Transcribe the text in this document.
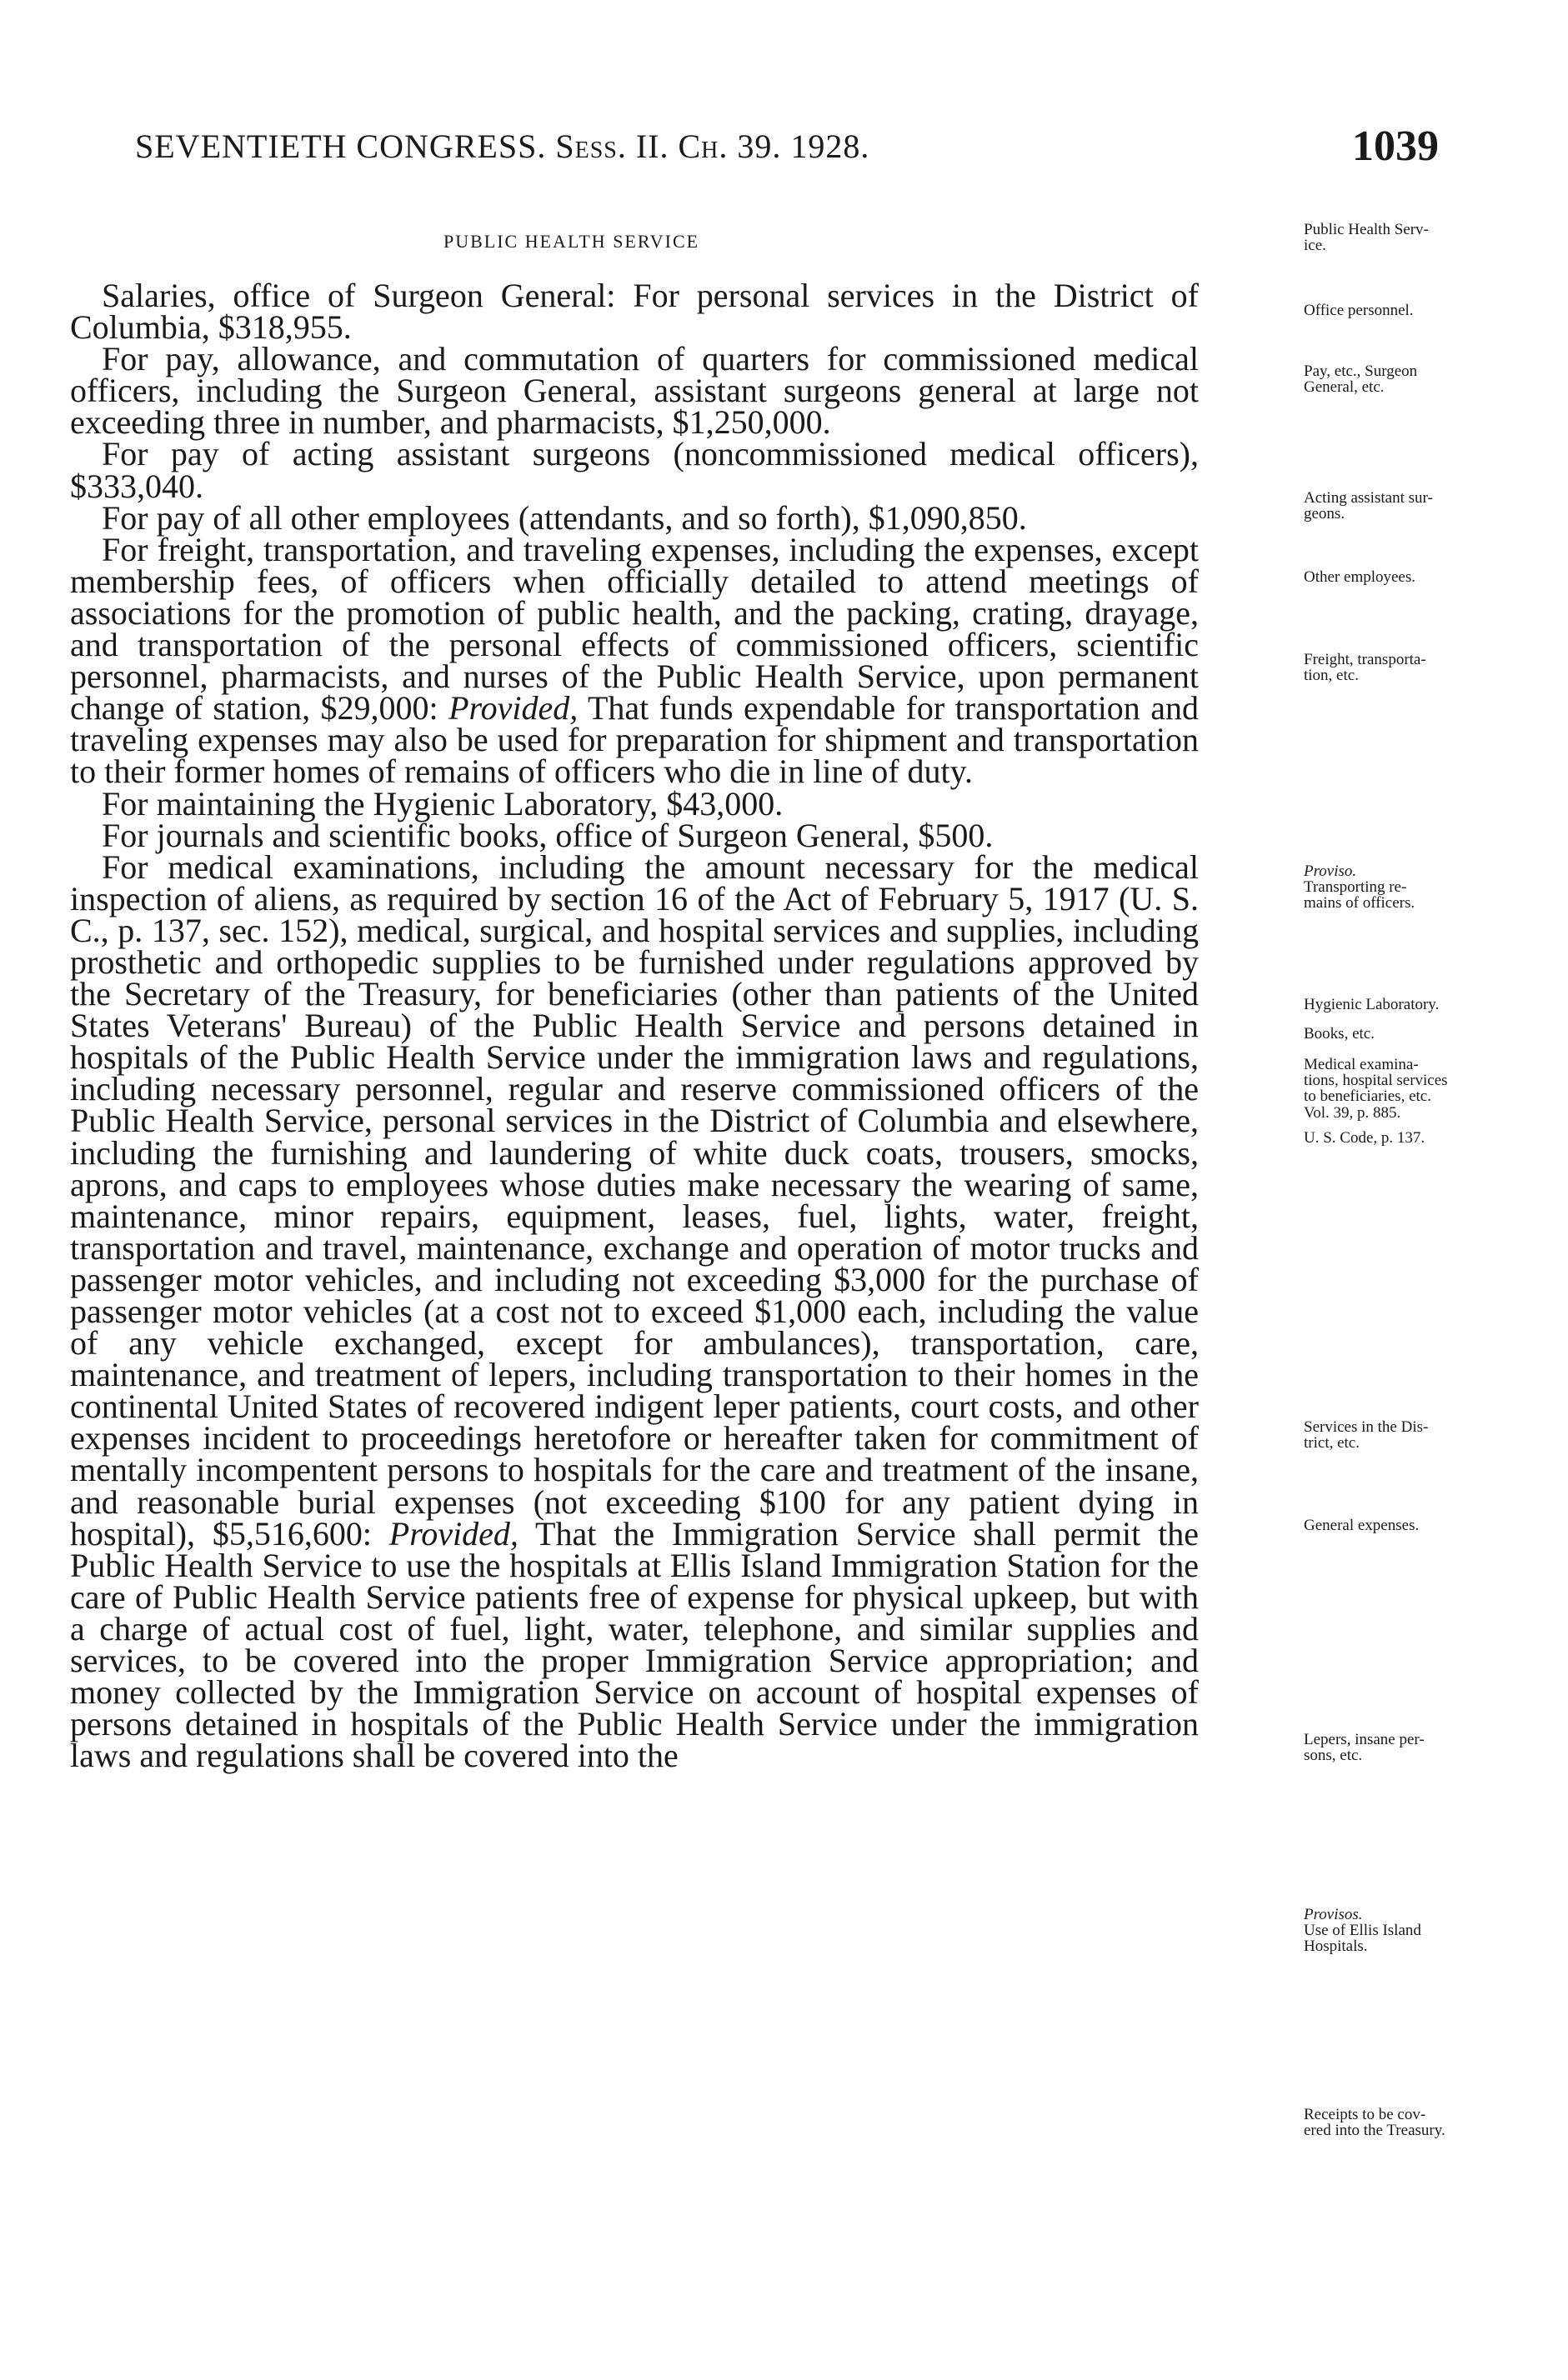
SEVENTIETH CONGRESS. Sess. II. Ch. 39. 1928.	1039
PUBLIC HEALTH SERVICE
Public Health Serv-
ice.
Office personnel.
Pay, etc., Surgeon
General, etc.
Acting assistant sur-
geons.
Other employees.
Freight, transporta-
tion, etc.
Proviso.
Transporting re-
mains of officers.
Hygienic Laboratory.
Books, etc.
Medical examina-
tions, hospital services
to beneficiaries, etc.
Vol. 39, p. 885.
U. S. Code, p. 137.
Services in the Dis-
trict, etc.
General expenses.
Lepers, insane per-
sons, etc.
Provisos.
Use of Ellis Island
Hospitals.
Receipts to be cov-
ered into the Treasury.

Salaries, office of Surgeon General: For personal services in the District of Columbia, $318,955.

For pay, allowance, and commutation of quarters for commissioned medical officers, including the Surgeon General, assistant surgeons general at large not exceeding three in number, and pharmacists, $1,250,000.

For pay of acting assistant surgeons (noncommissioned medical officers), $333,040.

For pay of all other employees (attendants, and so forth), $1,090,850.

For freight, transportation, and traveling expenses, including the expenses, except membership fees, of officers when officially detailed to attend meetings of associations for the promotion of public health, and the packing, crating, drayage, and transportation of the personal effects of commissioned officers, scientific personnel, pharmacists, and nurses of the Public Health Service, upon permanent change of station, $29,000: Provided, That funds expendable for transportation and traveling expenses may also be used for preparation for shipment and transportation to their former homes of remains of officers who die in line of duty.

For maintaining the Hygienic Laboratory, $43,000.

For journals and scientific books, office of Surgeon General, $500.

For medical examinations, including the amount necessary for the medical inspection of aliens, as required by section 16 of the Act of February 5, 1917 (U. S. C., p. 137, sec. 152), medical, surgical, and hospital services and supplies, including prosthetic and orthopedic supplies to be furnished under regulations approved by the Secretary of the Treasury, for beneficiaries (other than patients of the United States Veterans' Bureau) of the Public Health Service and persons detained in hospitals of the Public Health Service under the immigration laws and regulations, including necessary personnel, regular and reserve commissioned officers of the Public Health Service, personal services in the District of Columbia and elsewhere, including the furnishing and laundering of white duck coats, trousers, smocks, aprons, and caps to employees whose duties make necessary the wearing of same, maintenance, minor repairs, equipment, leases, fuel, lights, water, freight, transportation and travel, maintenance, exchange and operation of motor trucks and passenger motor vehicles, and including not exceeding $3,000 for the purchase of passenger motor vehicles (at a cost not to exceed $1,000 each, including the value of any vehicle exchanged, except for ambulances), transportation, care, maintenance, and treatment of lepers, including transportation to their homes in the continental United States of recovered indigent leper patients, court costs, and other expenses incident to proceedings heretofore or hereafter taken for commitment of mentally incompentent persons to hospitals for the care and treatment of the insane, and reasonable burial expenses (not exceeding $100 for any patient dying in hospital), $5,516,600: Provided, That the Immigration Service shall permit the Public Health Service to use the hospitals at Ellis Island Immigration Station for the care of Public Health Service patients free of expense for physical upkeep, but with a charge of actual cost of fuel, light, water, telephone, and similar supplies and services, to be covered into the proper Immigration Service appropriation; and money collected by the Immigration Service on account of hospital expenses of persons detained in hospitals of the Public Health Service under the immigration laws and regulations shall be covered into the
